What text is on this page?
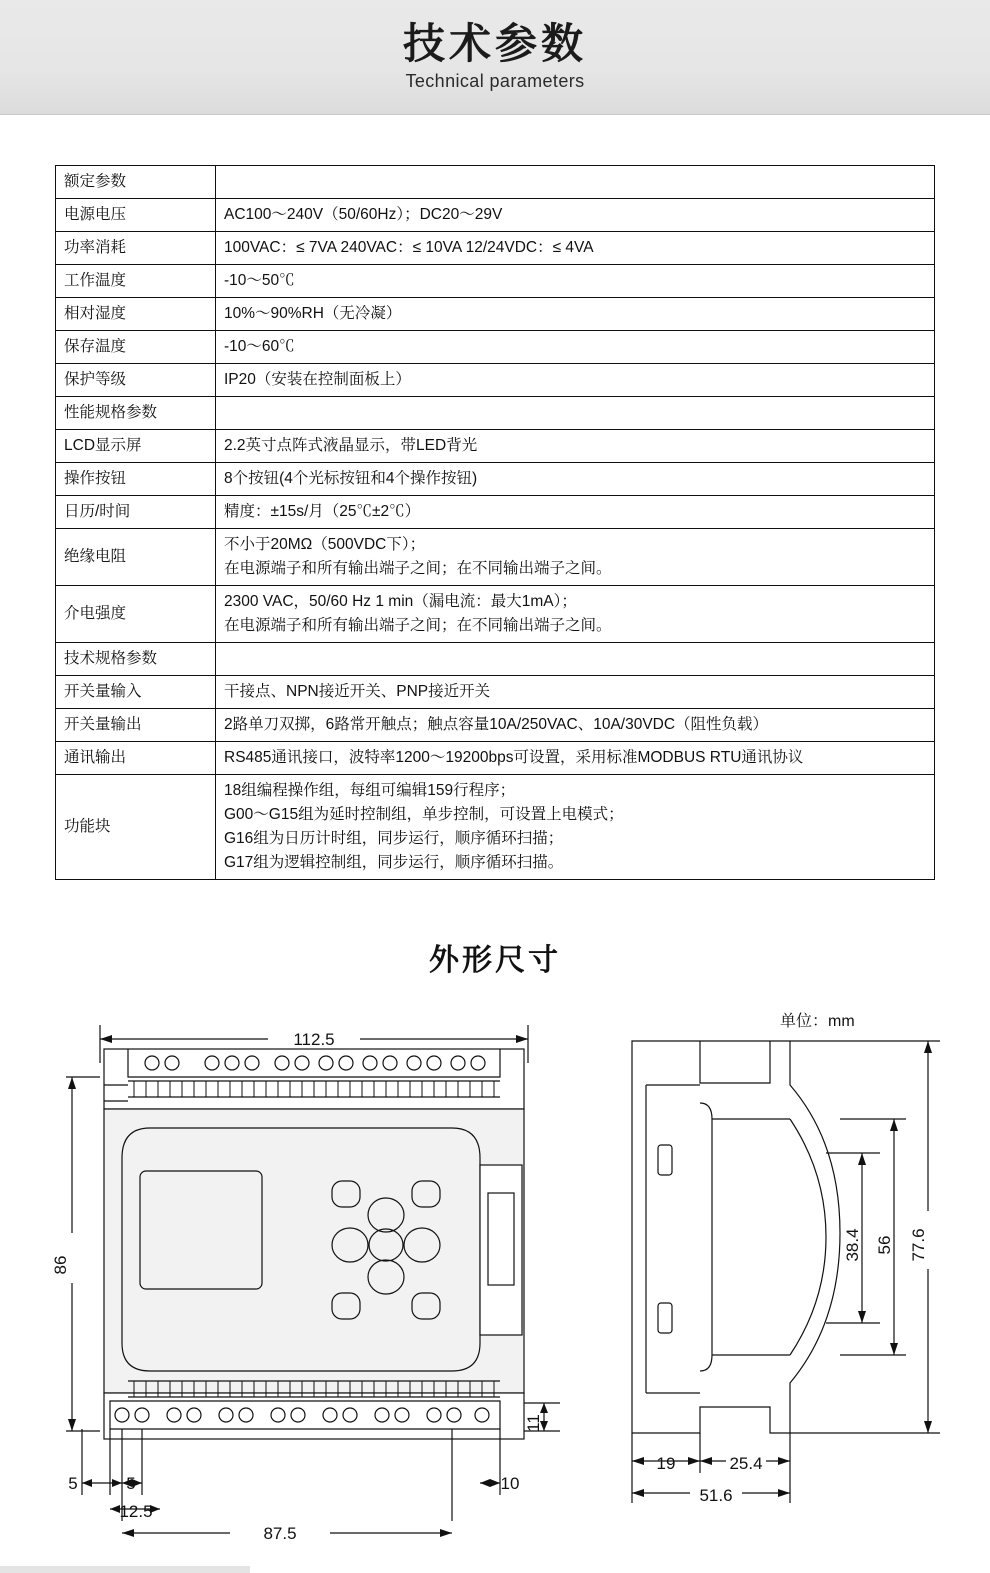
技术参数
Technical parameters
额定参数	
电源电压	AC100～240V（50/60Hz）；DC20～29V

功率消耗	100VAC：≤ 7VA 240VAC：≤ 10VA 12/24VDC：≤ 4VA

工作温度	-10～50℃

相对湿度	10%～90%RH（无冷凝）

保存温度	-10～60℃

保护等级	IP20（安装在控制面板上）

性能规格参数	
LCD显示屏	2.2英寸点阵式液晶显示，带LED背光

操作按钮	8个按钮(4个光标按钮和4个操作按钮)

日历/时间	精度：±15s/月（25℃±2℃）

绝缘电阻	不小于20MΩ（500VDC下）；
在电源端子和所有输出端子之间；在不同输出端子之间。

介电强度	2300 VAC，50/60 Hz 1 min（漏电流：最大1mA）；
在电源端子和所有输出端子之间；在不同输出端子之间。

技术规格参数	
开关量输入	干接点、NPN接近开关、PNP接近开关

开关量输出	2路单刀双掷，6路常开触点；触点容量10A/250VAC、10A/30VDC（阻性负载）

通讯输出	RS485通讯接口，波特率1200～19200bps可设置，采用标准MODBUS RTU通讯协议

功能块	18组编程操作组，每组可编辑159行程序；
G00～G15组为延时控制组，单步控制，可设置上电模式；
G16组为日历计时组，同步运行，顺序循环扫描；
G17组为逻辑控制组，同步运行，顺序循环扫描。
外形尺寸
单位：mm
112.5
86
5	5
12.5
10
11
87.5
38.4 56 77.6
19	25.4
51.6
